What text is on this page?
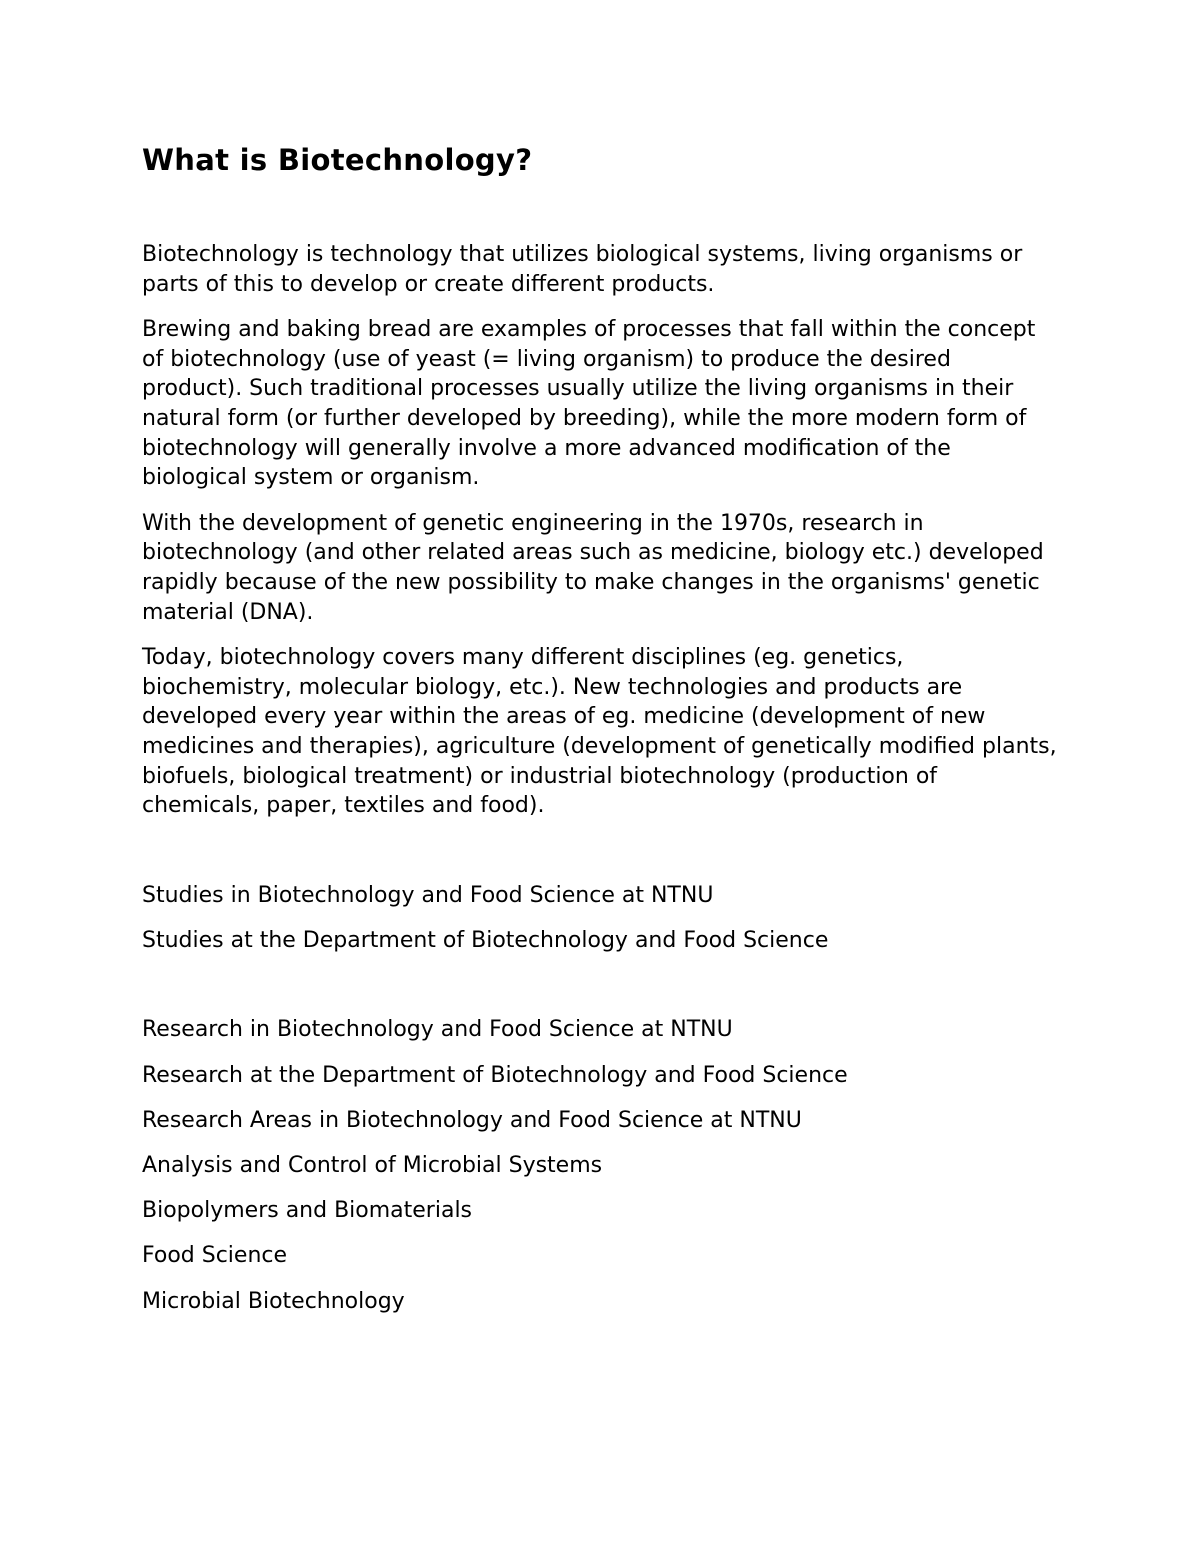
What is Biotechnology?

Biotechnology is technology that utilizes biological systems, living organisms or parts of this to develop or create different products.

Brewing and baking bread are examples of processes that fall within the concept of biotechnology (use of yeast (= living organism) to produce the desired product). Such traditional processes usually utilize the living organisms in their natural form (or further developed by breeding), while the more modern form of biotechnology will generally involve a more advanced modification of the biological system or organism.

With the development of genetic engineering in the 1970s, research in biotechnology (and other related areas such as medicine, biology etc.) developed rapidly because of the new possibility to make changes in the organisms' genetic material (DNA).

Today, biotechnology covers many different disciplines (eg. genetics, biochemistry, molecular biology, etc.). New technologies and products are developed every year within the areas of eg. medicine (development of new medicines and therapies), agriculture (development of genetically modified plants, biofuels, biological treatment) or industrial biotechnology (production of chemicals, paper, textiles and food).

Studies in Biotechnology and Food Science at NTNU
Studies at the Department of Biotechnology and Food Science
Research in Biotechnology and Food Science at NTNU
Research at the Department of Biotechnology and Food Science
Research Areas in Biotechnology and Food Science at NTNU
Analysis and Control of Microbial Systems
Biopolymers and Biomaterials
Food Science
Microbial Biotechnology
